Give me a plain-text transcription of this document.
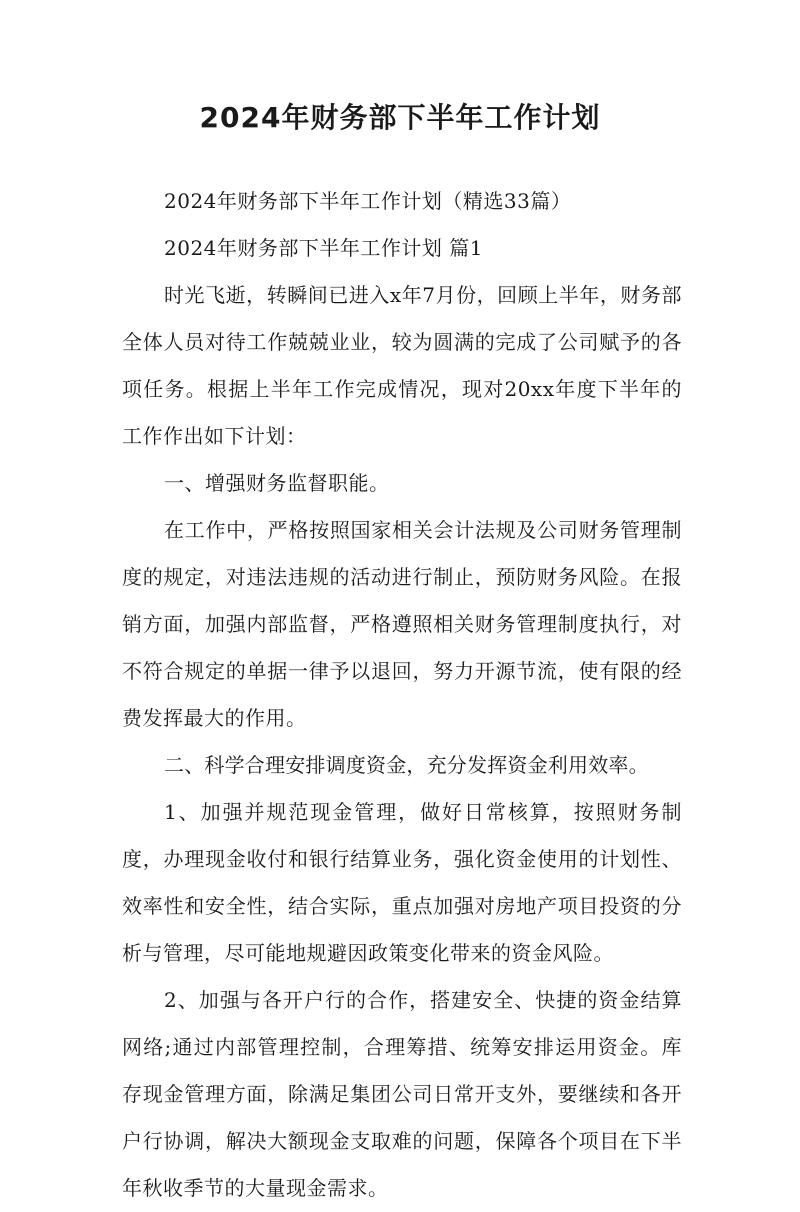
2024年财务部下半年工作计划

2024年财务部下半年工作计划（精选33篇）

2024年财务部下半年工作计划 篇1

时光飞逝，转瞬间已进入x年7月份，回顾上半年，财务部全体人员对待工作兢兢业业，较为圆满的完成了公司赋予的各项任务。根据上半年工作完成情况，现对20xx年度下半年的工作作出如下计划：

一、增强财务监督职能。

在工作中，严格按照国家相关会计法规及公司财务管理制度的规定，对违法违规的活动进行制止，预防财务风险。在报销方面，加强内部监督，严格遵照相关财务管理制度执行，对不符合规定的单据一律予以退回，努力开源节流，使有限的经费发挥最大的作用。

二、科学合理安排调度资金，充分发挥资金利用效率。

1、加强并规范现金管理，做好日常核算，按照财务制度，办理现金收付和银行结算业务，强化资金使用的计划性、效率性和安全性，结合实际，重点加强对房地产项目投资的分析与管理，尽可能地规避因政策变化带来的资金风险。

2、加强与各开户行的合作，搭建安全、快捷的资金结算网络;通过内部管理控制，合理筹措、统筹安排运用资金。库存现金管理方面，除满足集团公司日常开支外，要继续和各开户行协调，解决大额现金支取难的问题，保障各个项目在下半年秋收季节的大量现金需求。
